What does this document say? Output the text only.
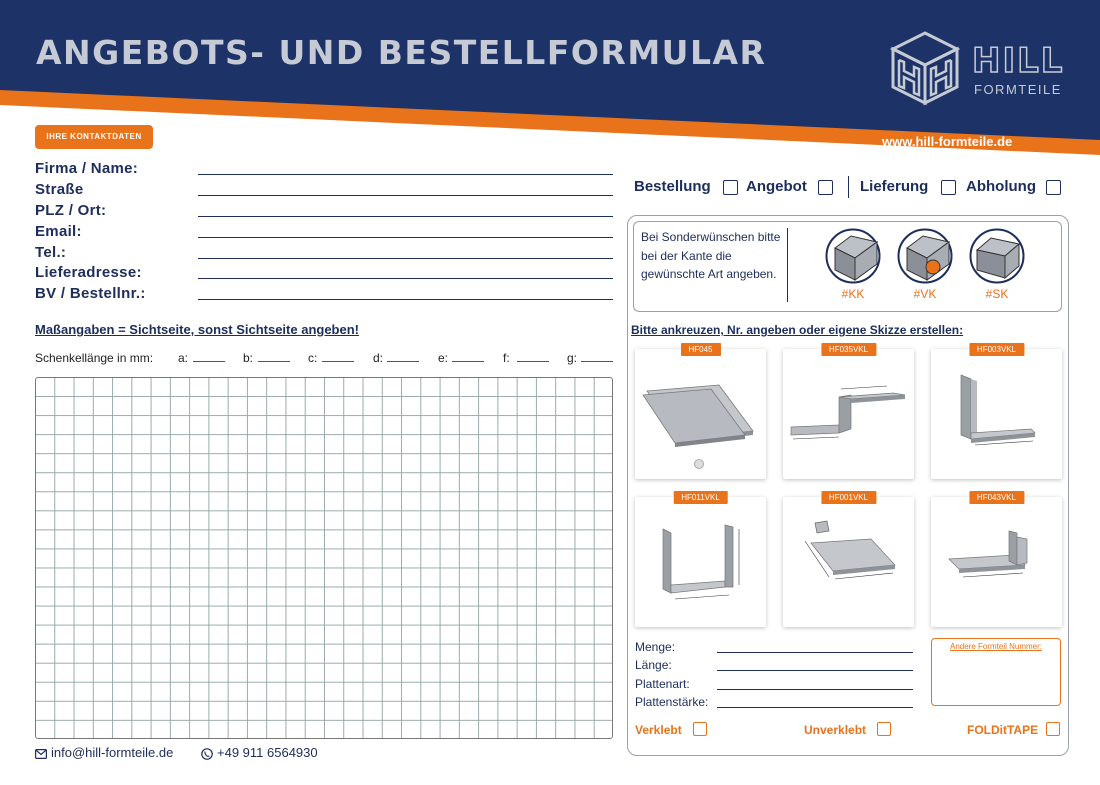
ANGEBOTS- UND BESTELLFORMULAR	HILL
FORMTEILE
www.hill-formteile.de
IHRE KONTAKTDATEN
Firma / Name:
Straße
PLZ / Ort:
Email:
Tel.:
Lieferadresse:
BV / Bestellnr.:
Maßangaben = Sichtseite, sonst Sichtseite angeben!
Schenkellänge in mm: a:	b:	c:	d:	e:	f:	g:
info@hill-formteile.de	+49 911 6564930
Bestellung Angebot	Lieferung	Abholung
Bei Sonderwünschen bitte bei der Kante die gewünschte Art angeben.
#KK	#VK	#SK
Bitte ankreuzen, Nr. angeben oder eigene Skizze erstellen:
HF045	HF035VKL	HF003VKL
HF011VKL	HF001VKL	HF043VKL
Menge:
Länge:
Plattenart:
Plattenstärke:
Andere Formteil Nummer:
Verklebt	Unverklebt	FOLDitTAPE
